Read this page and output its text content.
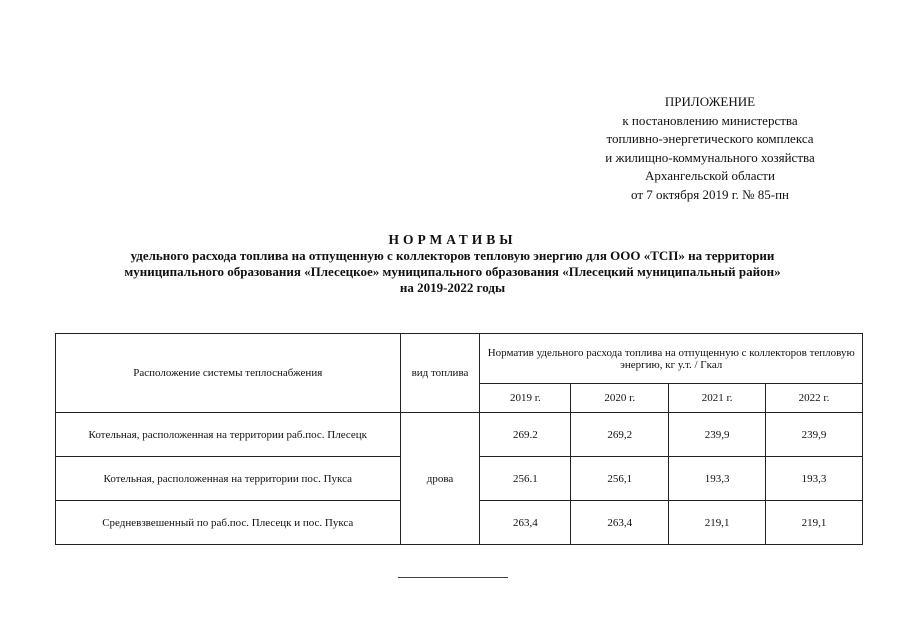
ПРИЛОЖЕНИЕ
к постановлению министерства
топливно-энергетического комплекса
и жилищно-коммунального хозяйства
Архангельской области
от 7 октября 2019 г. № 85-пн
НОРМАТИВЫ
удельного расхода топлива на отпущенную с коллекторов тепловую энергию для ООО «ТСП» на территории
муниципального образования «Плесецкое» муниципального образования «Плесецкий муниципальный район»
на 2019-2022 годы
Расположение системы теплоснабжения	вид топлива	Норматив удельного расхода топлива на отпущенную с коллекторов тепловую энергию, кг у.т. / Гкал			
		2019 г.	2020 г.	2021 г.	2022 г.
Котельная, расположенная на территории раб.пос. Плесецк	дрова	269.2	269,2	239,9	239,9
Котельная, расположенная на территории пос. Пукса		256.1	256,1	193,3	193,3
Средневзвешенный по раб.пос. Плесецк и пос. Пукса		263,4	263,4	219,1	219,1
